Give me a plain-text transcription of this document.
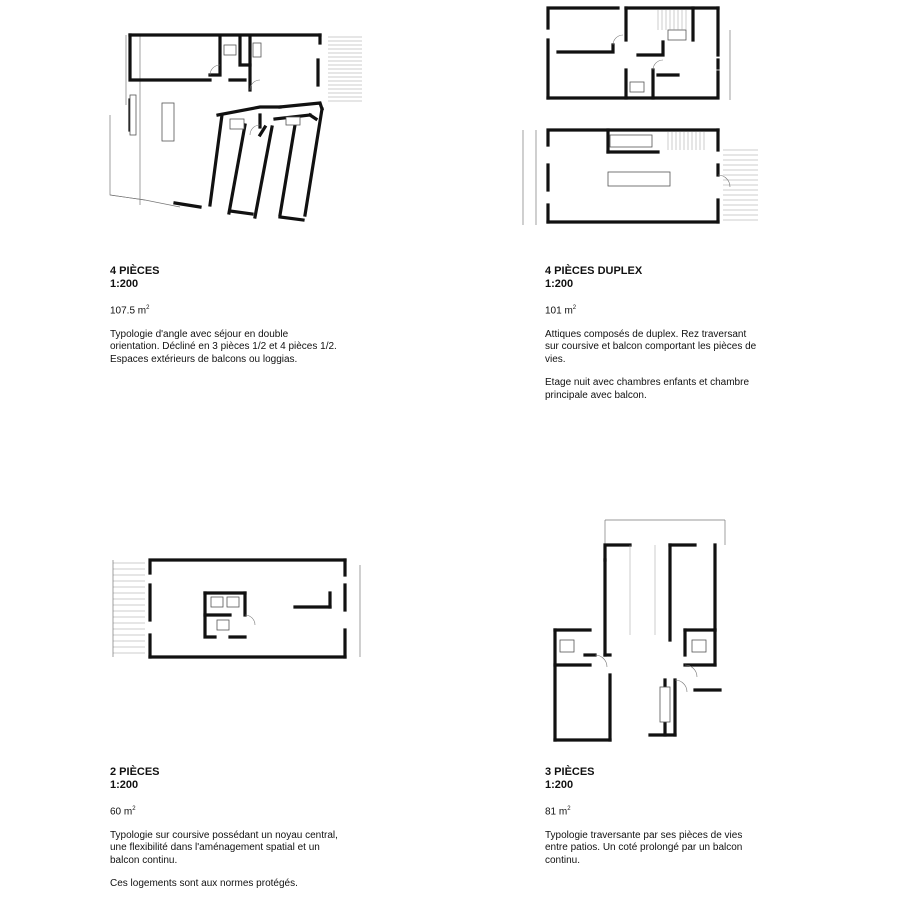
4 PIÈCES
1:200
107.5 $m^2$
Typologie d'angle avec séjour en double orientation. Décliné en 3 pièces 1/2 et 4 pièces 1/2. Espaces extérieurs de balcons ou loggias.
4 PIÈCES DUPLEX
1:200
101 $m^2$
Attiques composés de duplex. Rez traversant sur coursive et balcon comportant les pièces de vies.
Etage nuit avec chambres enfants et chambre principale avec balcon.
2 PIÈCES
1:200
60 $m^2$
Typologie sur coursive possédant un noyau central, une flexibilité dans l'aménagement spatial et un balcon continu.
Ces logements sont aux normes protégés.
3 PIÈCES
1:200
81 $m^2$
Typologie traversante par ses pièces de vies entre patios. Un coté prolongé par un balcon continu.
